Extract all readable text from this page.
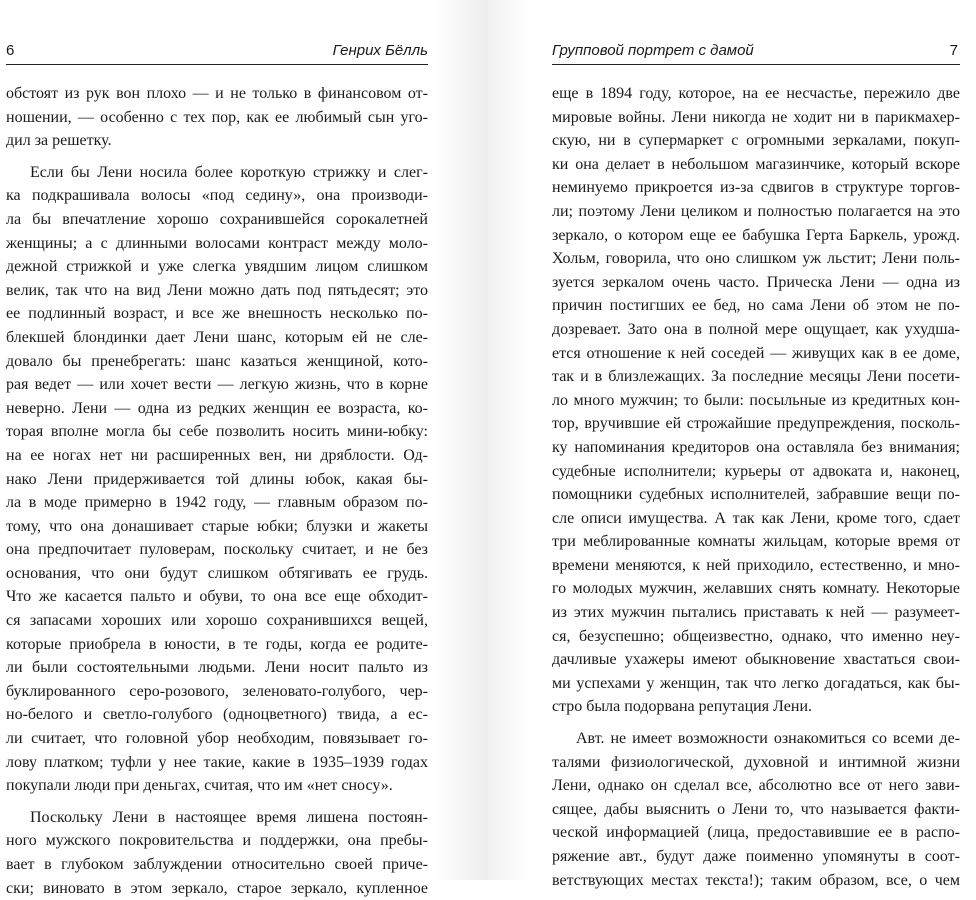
6	Генрих Бёлль
обстоят из рук вон плохо — и не только в финансовом от-
ношении, — особенно с тех пор, как ее любимый сын уго-
дил за решетку.
Если бы Лени носила более короткую стрижку и слег-
ка подкрашивала волосы «под седину», она производи-
ла бы впечатление хорошо сохранившейся сорокалетней
женщины; а с длинными волосами контраст между моло-
дежной стрижкой и уже слегка увядшим лицом слишком
велик, так что на вид Лени можно дать под пятьдесят; это
ее подлинный возраст, и все же внешность несколько по-
блекшей блондинки дает Лени шанс, которым ей не сле-
довало бы пренебрегать: шанс казаться женщиной, кото-
рая ведет — или хочет вести — легкую жизнь, что в корне
неверно. Лени — одна из редких женщин ее возраста, ко-
торая вполне могла бы себе позволить носить мини-юбку:
на ее ногах нет ни расширенных вен, ни дряблости. Од-
нако Лени придерживается той длины юбок, какая бы-
ла в моде примерно в 1942 году, — главным образом по-
тому, что она донашивает старые юбки; блузки и жакеты
она предпочитает пуловерам, поскольку считает, и не без
основания, что они будут слишком обтягивать ее грудь.
Что же касается пальто и обуви, то она все еще обходит-
ся запасами хороших или хорошо сохранившихся вещей,
которые приобрела в юности, в те годы, когда ее родите-
ли были состоятельными людьми. Лени носит пальто из
буклированного серо-розового, зеленовато-голубого, чер-
но-белого и светло-голубого (одноцветного) твида, а ес-
ли считает, что головной убор необходим, повязывает го-
лову платком; туфли у нее такие, какие в 1935–1939 годах
покупали люди при деньгах, считая, что им «нет сносу».
Поскольку Лени в настоящее время лишена постоян-
ного мужского покровительства и поддержки, она пребы-
вает в глубоком заблуждении относительно своей приче-
ски; виновато в этом зеркало, старое зеркало, купленное
Групповой портрет с дамой	7
еще в 1894 году, которое, на ее несчастье, пережило две
мировые войны. Лени никогда не ходит ни в парикмахер-
скую, ни в супермаркет с огромными зеркалами, покуп-
ки она делает в небольшом магазинчике, который вскоре
неминуемо прикроется из-за сдвигов в структуре торгов-
ли; поэтому Лени целиком и полностью полагается на это
зеркало, о котором еще ее бабушка Герта Баркель, урожд.
Хольм, говорила, что оно слишком уж льстит; Лени поль-
зуется зеркалом очень часто. Прическа Лени — одна из
причин постигших ее бед, но сама Лени об этом не по-
дозревает. Зато она в полной мере ощущает, как ухудша-
ется отношение к ней соседей — живущих как в ее доме,
так и в близлежащих. За последние месяцы Лени посети-
ло много мужчин; то были: посыльные из кредитных кон-
тор, вручившие ей строжайшие предупреждения, посколь-
ку напоминания кредиторов она оставляла без внимания;
судебные исполнители; курьеры от адвоката и, наконец,
помощники судебных исполнителей, забравшие вещи по-
сле описи имущества. А так как Лени, кроме того, сдает
три меблированные комнаты жильцам, которые время от
времени меняются, к ней приходило, естественно, и мно-
го молодых мужчин, желавших снять комнату. Некоторые
из этих мужчин пытались приставать к ней — разумеет-
ся, безуспешно; общеизвестно, однако, что именно неу-
дачливые ухажеры имеют обыкновение хвастаться свои-
ми успехами у женщин, так что легко догадаться, как бы-
стро была подорвана репутация Лени.
Авт. не имеет возможности ознакомиться со всеми де-
талями физиологической, духовной и интимной жизни
Лени, однако он сделал все, абсолютно все от него зави-
сящее, дабы выяснить о Лени то, что называется факти-
ческой информацией (лица, предоставившие ее в распо-
ряжение авт., будут даже поименно упомянуты в соот-
ветствующих местах текста!); таким образом, все, о чем
